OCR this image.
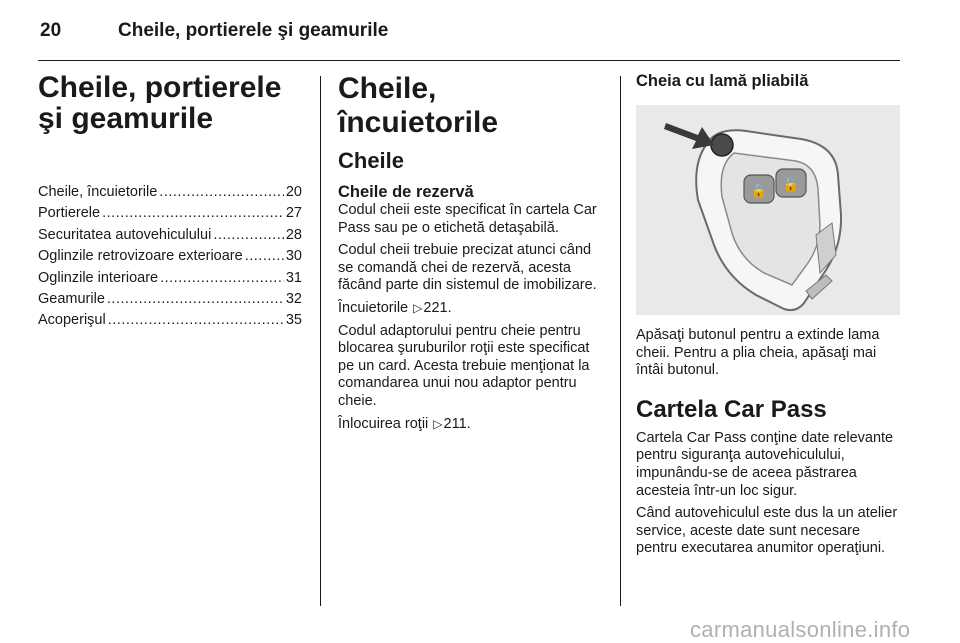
20	Cheile, portierele şi geamurile
Cheile, portierele şi geamurile
Cheile, încuietorile .....	20
Portierele .....	27
Securitatea autovehiculului .....	28
Oglinzile retrovizoare exterioare .....	30
Oglinzile interioare .....	31
Geamurile .....	32
Acoperişul .....	35
Cheile, încuietorile
Cheile
Cheile de rezervă

Codul cheii este specificat în cartela Car Pass sau pe o etichetă detaşabilă.

Codul cheii trebuie precizat atunci când se comandă chei de rezervă, acesta făcând parte din sistemul de imobilizare.

Încuietorile ▷221.

Codul adaptorului pentru cheie pentru blocarea şuruburilor roţii este specificat pe un card. Acesta trebuie menţionat la comandarea unui nou adaptor pentru cheie.

Înlocuirea roţii ▷211.

Cheia cu lamă pliabilă
🔒 🔓

Apăsaţi butonul pentru a extinde lama cheii. Pentru a plia cheia, apăsaţi mai întâi butonul.

Cartela Car Pass

Cartela Car Pass conţine date relevante pentru siguranţa autovehiculului, impunându-se de aceea păstrarea acesteia într-un loc sigur.

Când autovehiculul este dus la un atelier service, aceste date sunt necesare pentru executarea anumitor operaţiuni.

carmanualsonline.info
